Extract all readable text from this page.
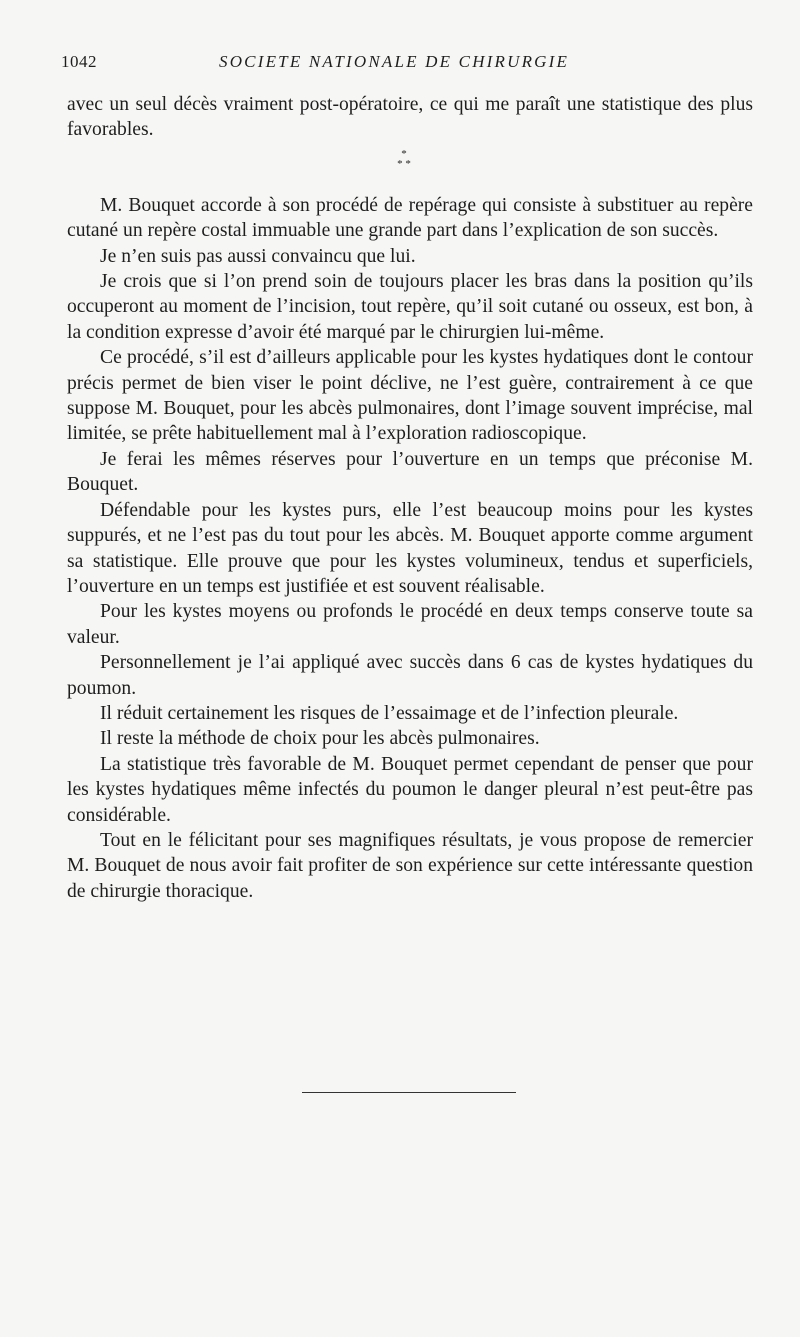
1042	SOCIETE NATIONALE DE CHIRURGIE

avec un seul décès vraiment post-opératoire, ce qui me paraît une statistique des plus favorables.

*
* *

M. Bouquet accorde à son procédé de repérage qui consiste à substituer au repère cutané un repère costal immuable une grande part dans l’explication de son succès.

Je n’en suis pas aussi convaincu que lui.

Je crois que si l’on prend soin de toujours placer les bras dans la position qu’ils occuperont au moment de l’incision, tout repère, qu’il soit cutané ou osseux, est bon, à la condition expresse d’avoir été marqué par le chirurgien lui-même.

Ce procédé, s’il est d’ailleurs applicable pour les kystes hydatiques dont le contour précis permet de bien viser le point déclive, ne l’est guère, contrairement à ce que suppose M. Bouquet, pour les abcès pulmonaires, dont l’image souvent imprécise, mal limitée, se prête habituellement mal à l’exploration radioscopique.

Je ferai les mêmes réserves pour l’ouverture en un temps que préconise M. Bouquet.

Défendable pour les kystes purs, elle l’est beaucoup moins pour les kystes suppurés, et ne l’est pas du tout pour les abcès. M. Bouquet apporte comme argument sa statistique. Elle prouve que pour les kystes volumineux, tendus et superficiels, l’ouverture en un temps est justifiée et est souvent réalisable.

Pour les kystes moyens ou profonds le procédé en deux temps conserve toute sa valeur.

Personnellement je l’ai appliqué avec succès dans 6 cas de kystes hydatiques du poumon.

Il réduit certainement les risques de l’essaimage et de l’infection pleurale.

Il reste la méthode de choix pour les abcès pulmonaires.

La statistique très favorable de M. Bouquet permet cependant de penser que pour les kystes hydatiques même infectés du poumon le danger pleural n’est peut-être pas considérable.

Tout en le félicitant pour ses magnifiques résultats, je vous propose de remercier M. Bouquet de nous avoir fait profiter de son expérience sur cette intéressante question de chirurgie thoracique.
